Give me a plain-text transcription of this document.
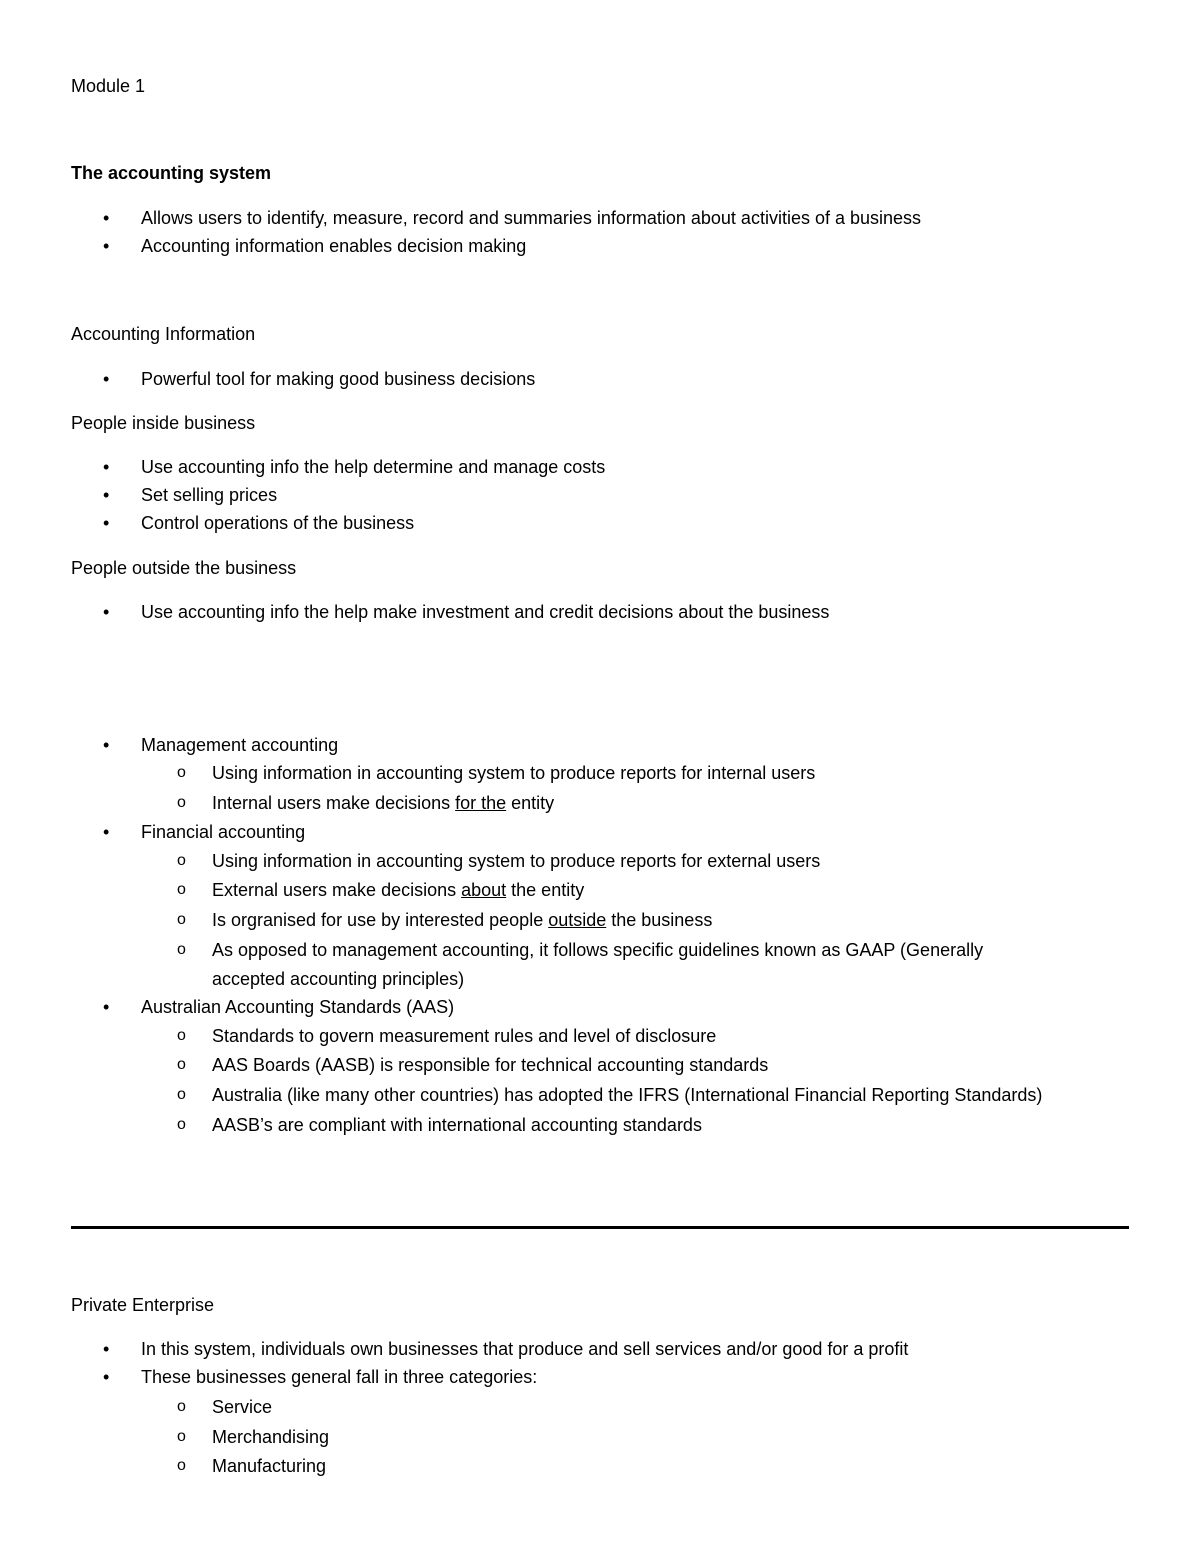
Module 1
The accounting system
• Allows users to identify, measure, record and summaries information about activities of a business
• Accounting information enables decision making
Accounting Information
• Powerful tool for making good business decisions
People inside business
• Use accounting info the help determine and manage costs
• Set selling prices
• Control operations of the business
People outside the business
• Use accounting info the help make investment and credit decisions about the business
• Management accounting
o Using information in accounting system to produce reports for internal users
o Internal users make decisions for the entity
• Financial accounting
o Using information in accounting system to produce reports for external users
o External users make decisions about the entity
o Is orgranised for use by interested people outside the business
o As opposed to management accounting, it follows specific guidelines known as GAAP (Generally
accepted accounting principles)
• Australian Accounting Standards (AAS)
o Standards to govern measurement rules and level of disclosure
o AAS Boards (AASB) is responsible for technical accounting standards
o Australia (like many other countries) has adopted the IFRS (International Financial Reporting Standards)
o AASB’s are compliant with international accounting standards
Private Enterprise
• In this system, individuals own businesses that produce and sell services and/or good for a profit
• These businesses general fall in three categories:
o Service
o Merchandising
o Manufacturing
